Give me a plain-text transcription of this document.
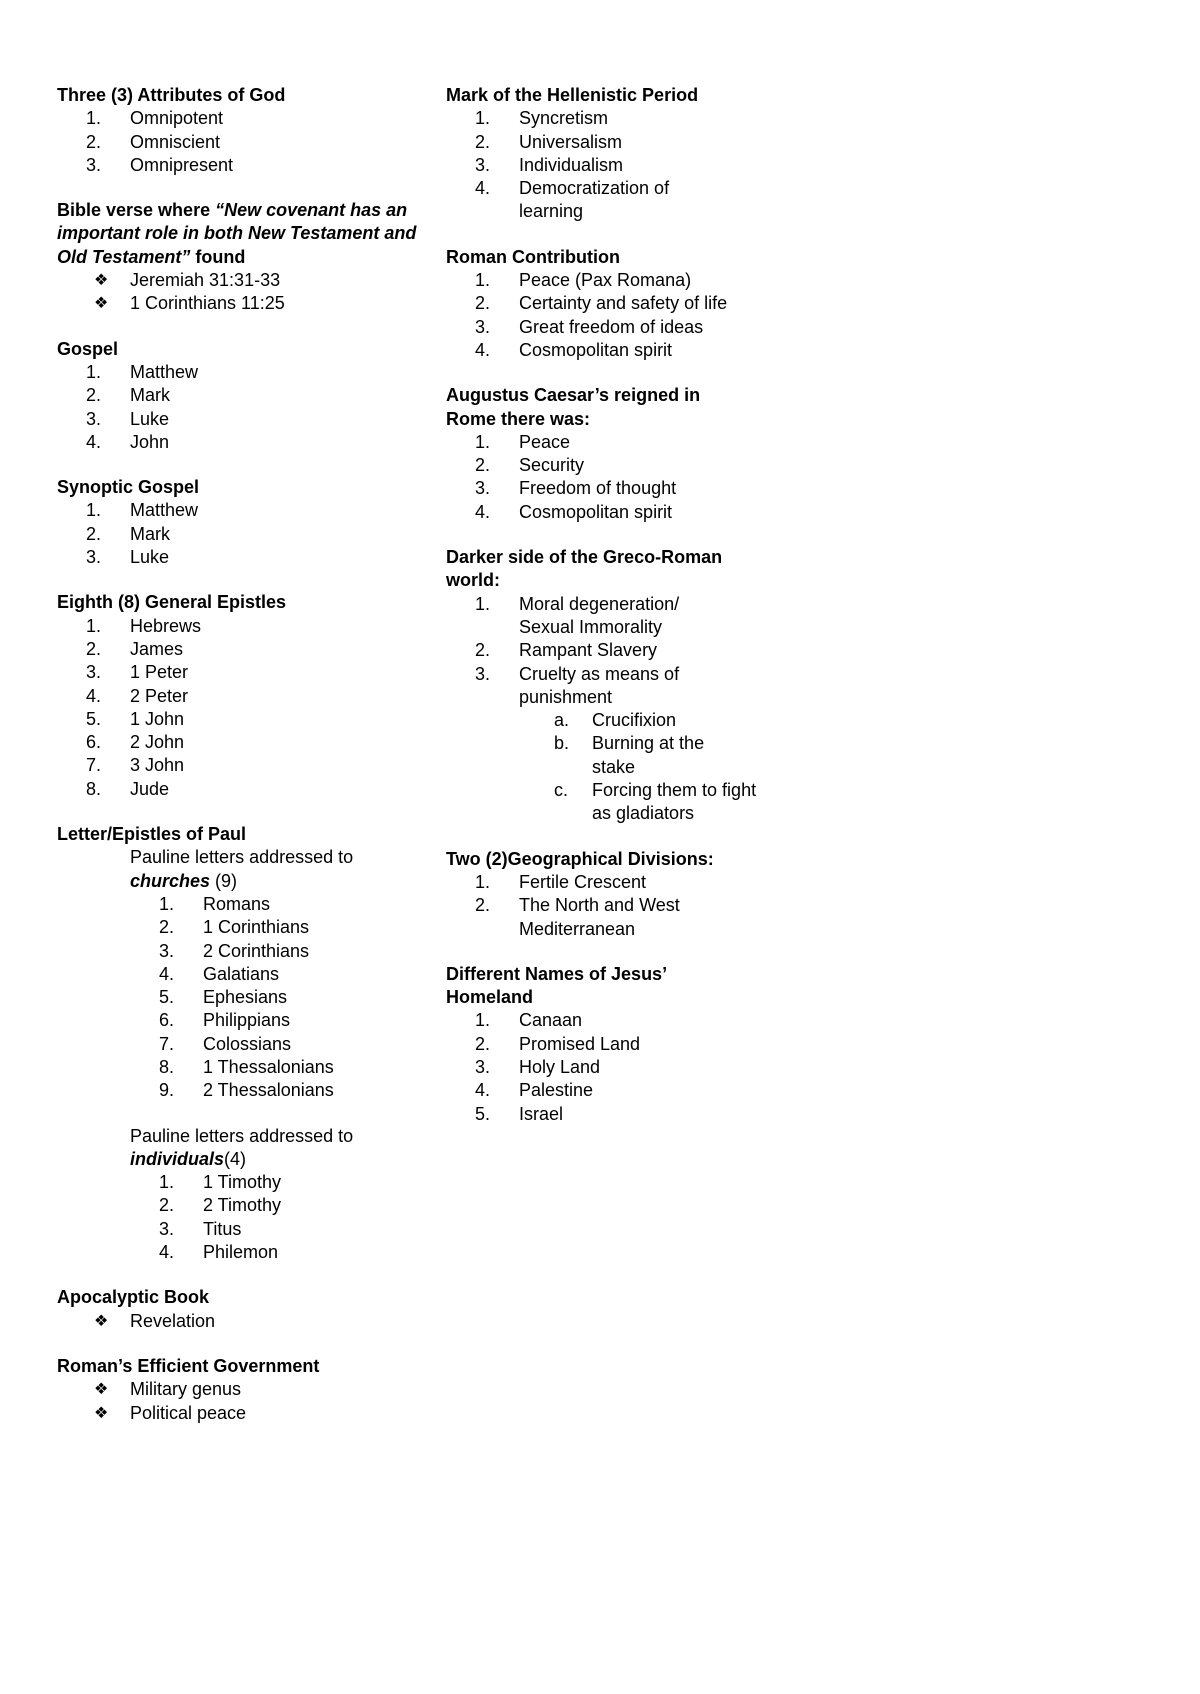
Three (3) Attributes of God

1.	Omnipotent
2.	Omniscient
3.	Omnipresent

Bible verse where “New covenant has an important role in both New Testament and Old Testament” found

❖	Jeremiah 31:31-33
❖	1 Corinthians 11:25

Gospel

1.	Matthew
2.	Mark
3.	Luke
4.	John

Synoptic Gospel

1.	Matthew
2.	Mark
3.	Luke

Eighth (8) General Epistles

1.	Hebrews
2.	James
3.	1 Peter
4.	2 Peter
5.	1 John
6.	2 John
7.	3 John
8.	Jude

Letter/Epistles of Paul

Pauline letters addressed to churches (9)

1.	Romans
2.	1 Corinthians
3.	2 Corinthians
4.	Galatians
5.	Ephesians
6.	Philippians
7.	Colossians
8.	1 Thessalonians
9.	2 Thessalonians

Pauline letters addressed to individuals(4)

1.	1 Timothy
2.	2 Timothy
3.	Titus
4.	Philemon

Apocalyptic Book

❖	Revelation

Roman’s Efficient Government

❖	Military genus
❖	Political peace

Mark of the Hellenistic Period

1.	Syncretism
2.	Universalism
3.	Individualism
4.	Democratization of learning

Roman Contribution

1.	Peace (Pax Romana)
2.	Certainty and safety of life
3.	Great freedom of ideas
4.	Cosmopolitan spirit

Augustus Caesar’s reigned in Rome there was:

1.	Peace
2.	Security
3.	Freedom of thought
4.	Cosmopolitan spirit

Darker side of the Greco-Roman world:

1.	Moral degeneration/ Sexual Immorality
2.	Rampant Slavery
3.	Cruelty as means of punishment
a.	Crucifixion
b.	Burning at the stake
c.	Forcing them to fight as gladiators

Two (2)Geographical Divisions:

1.	Fertile Crescent
2.	The North and West Mediterranean

Different Names of Jesus’ Homeland

1.	Canaan
2.	Promised Land
3.	Holy Land
4.	Palestine
5.	Israel
